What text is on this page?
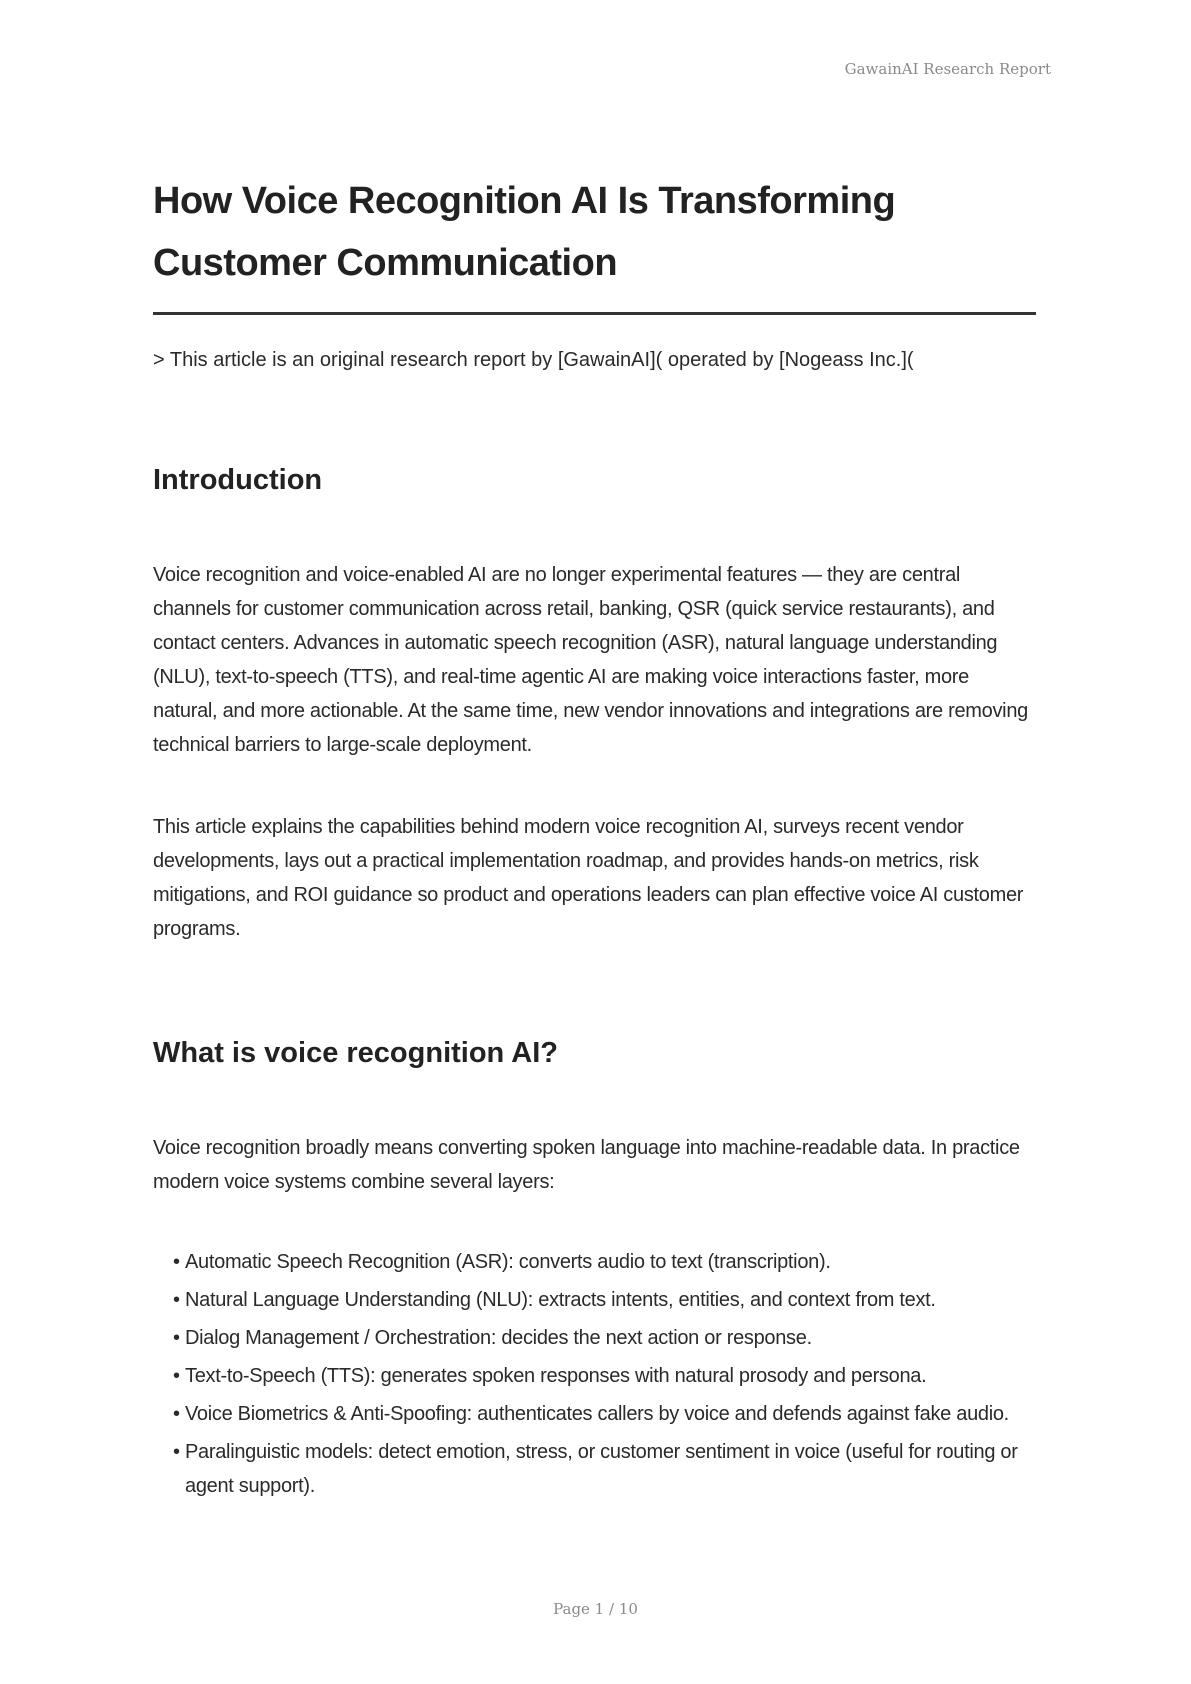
GawainAI Research Report
How Voice Recognition AI Is Transforming
Customer Communication

> This article is an original research report by [GawainAI]( operated by [Nogeass Inc.](

Introduction

Voice recognition and voice-enabled AI are no longer experimental features — they are central channels for customer communication across retail, banking, QSR (quick service restaurants), and contact centers. Advances in automatic speech recognition (ASR), natural language understanding (NLU), text-to-speech (TTS), and real-time agentic AI are making voice interactions faster, more natural, and more actionable. At the same time, new vendor innovations and integrations are removing technical barriers to large-scale deployment.

This article explains the capabilities behind modern voice recognition AI, surveys recent vendor developments, lays out a practical implementation roadmap, and provides hands-on metrics, risk mitigations, and ROI guidance so product and operations leaders can plan effective voice AI customer programs.

What is voice recognition AI?

Voice recognition broadly means converting spoken language into machine-readable data. In practice modern voice systems combine several layers:

• Automatic Speech Recognition (ASR): converts audio to text (transcription).
• Natural Language Understanding (NLU): extracts intents, entities, and context from text.
• Dialog Management / Orchestration: decides the next action or response.
• Text-to-Speech (TTS): generates spoken responses with natural prosody and persona.
• Voice Biometrics & Anti-Spoofing: authenticates callers by voice and defends against fake audio.
• Paralinguistic models: detect emotion, stress, or customer sentiment in voice (useful for routing or agent support).
Page 1 / 10
